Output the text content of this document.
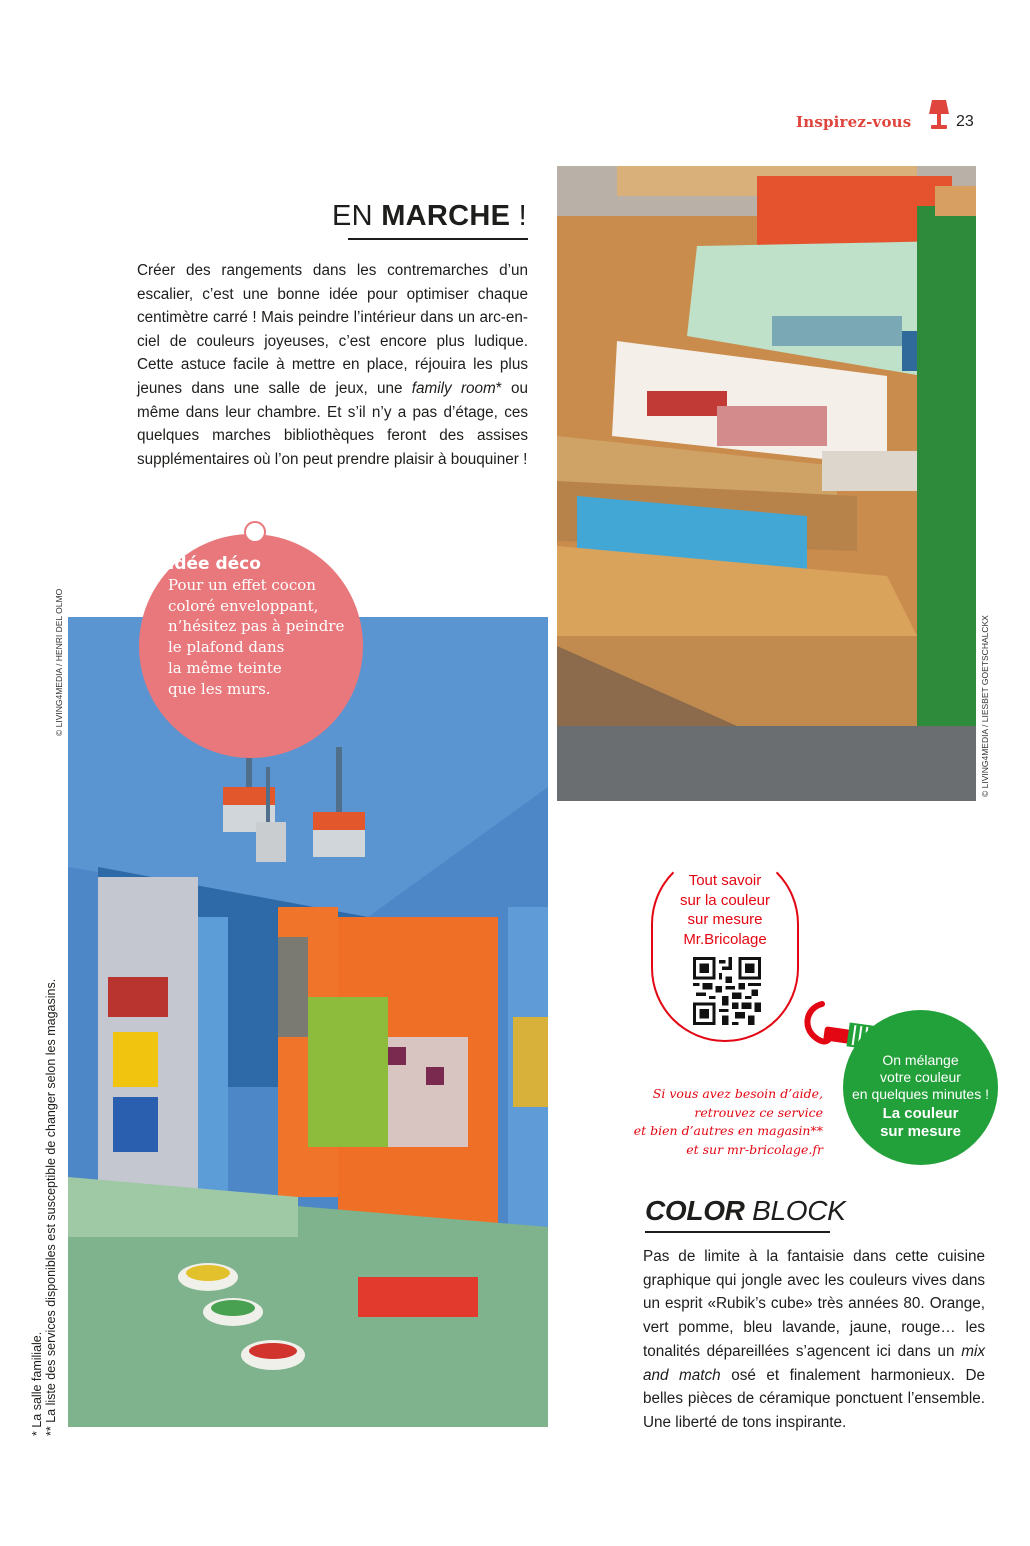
Inspirez-vous	23
EN MARCHE !
Créer des rangements dans les contremarches d’un escalier, c’est une bonne idée pour optimiser chaque centimètre carré ! Mais peindre l’intérieur dans un arc-en-ciel de couleurs joyeuses, c’est encore plus ludique. Cette astuce facile à mettre en place, réjouira les plus jeunes dans une salle de jeux, une family room* ou même dans leur chambre. Et s’il n’y a pas d’étage, ces quelques marches bibliothèques feront des assises supplémentaires où l’on peut prendre plaisir à bouquiner !
© LIVING4MEDIA / HENRI DEL OLMO	© LIVING4MEDIA / LIESBET GOETSCHALCKX
* La salle familiale. ** La liste des services disponibles est susceptible de changer selon les magasins.
Idée déco
Pour un effet cocon
coloré enveloppant,
n’hésitez pas à peindre
le plafond dans
la même teinte
que les murs.
Tout savoir
sur la couleur
sur mesure
Mr.Bricolage
On mélange
votre couleur
en quelques minutes !
La couleur
sur mesure
Si vous avez besoin d’aide,
retrouvez ce service
et bien d’autres en magasin**
et sur mr-bricolage.fr
COLOR BLOCK
Pas de limite à la fantaisie dans cette cuisine graphique qui jongle avec les couleurs vives dans un esprit «Rubik’s cube» très années 80. Orange, vert pomme, bleu lavande, jaune, rouge… les tonalités dépareillées s’agencent ici dans un mix and match osé et finalement harmonieux. De belles pièces de céramique ponctuent l’ensemble. Une liberté de tons inspirante.
